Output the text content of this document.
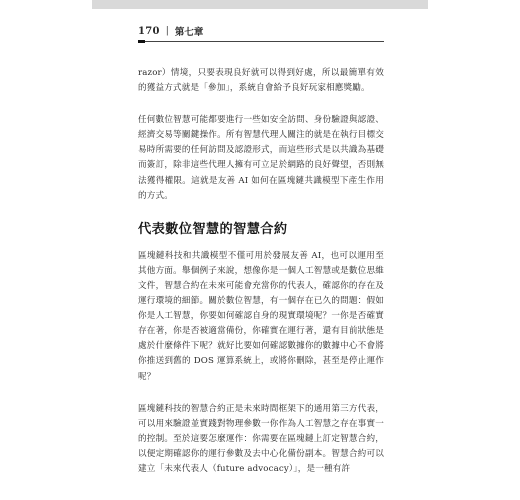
170 | 第七章

razor）情境，只要表現良好就可以得到好處，所以最簡單有效的獲益方式就是「參加」，系統自會給予良好玩家相應獎勵。

任何數位智慧可能都要進行一些如安全訪問、身份驗證與認證、經濟交易等關鍵操作。所有智慧代理人關注的就是在執行目標交易時所需要的任何訪問及認證形式，而這些形式是以共識為基礎而簽訂，除非這些代理人擁有可立足於網路的良好聲望，否則無法獲得權限。這就是友善 AI 如何在區塊鏈共識模型下產生作用的方式。

代表數位智慧的智慧合約

區塊鏈科技和共識模型不僅可用於發展友善 AI，也可以運用至其他方面。舉個例子來說，想像你是一個人工智慧或是數位思維文件，智慧合約在未來可能會充當你的代表人，確認你的存在及運行環境的細節。關於數位智慧，有一個存在已久的問題：假如你是人工智慧，你要如何確認自身的現實環境呢？一你是否確實存在著，你是否被適當備份，你確實在運行著，還有目前狀態是處於什麼條件下呢？就好比要如何確認數據你的數據中心不會將你推送到舊的 DOS 運算系統上，或將你刪除，甚至是停止運作呢？

區塊鏈科技的智慧合約正是未來時間框架下的通用第三方代表，可以用來驗證並實踐對物理參數一你作為人工智慧之存在事實一的控制。至於這要怎麼運作：你需要在區塊鏈上訂定智慧合約，以便定期確認你的運行參數及去中心化備份副本。智慧合約可以建立「未來代表人（future advocacy）」，是一種有許
